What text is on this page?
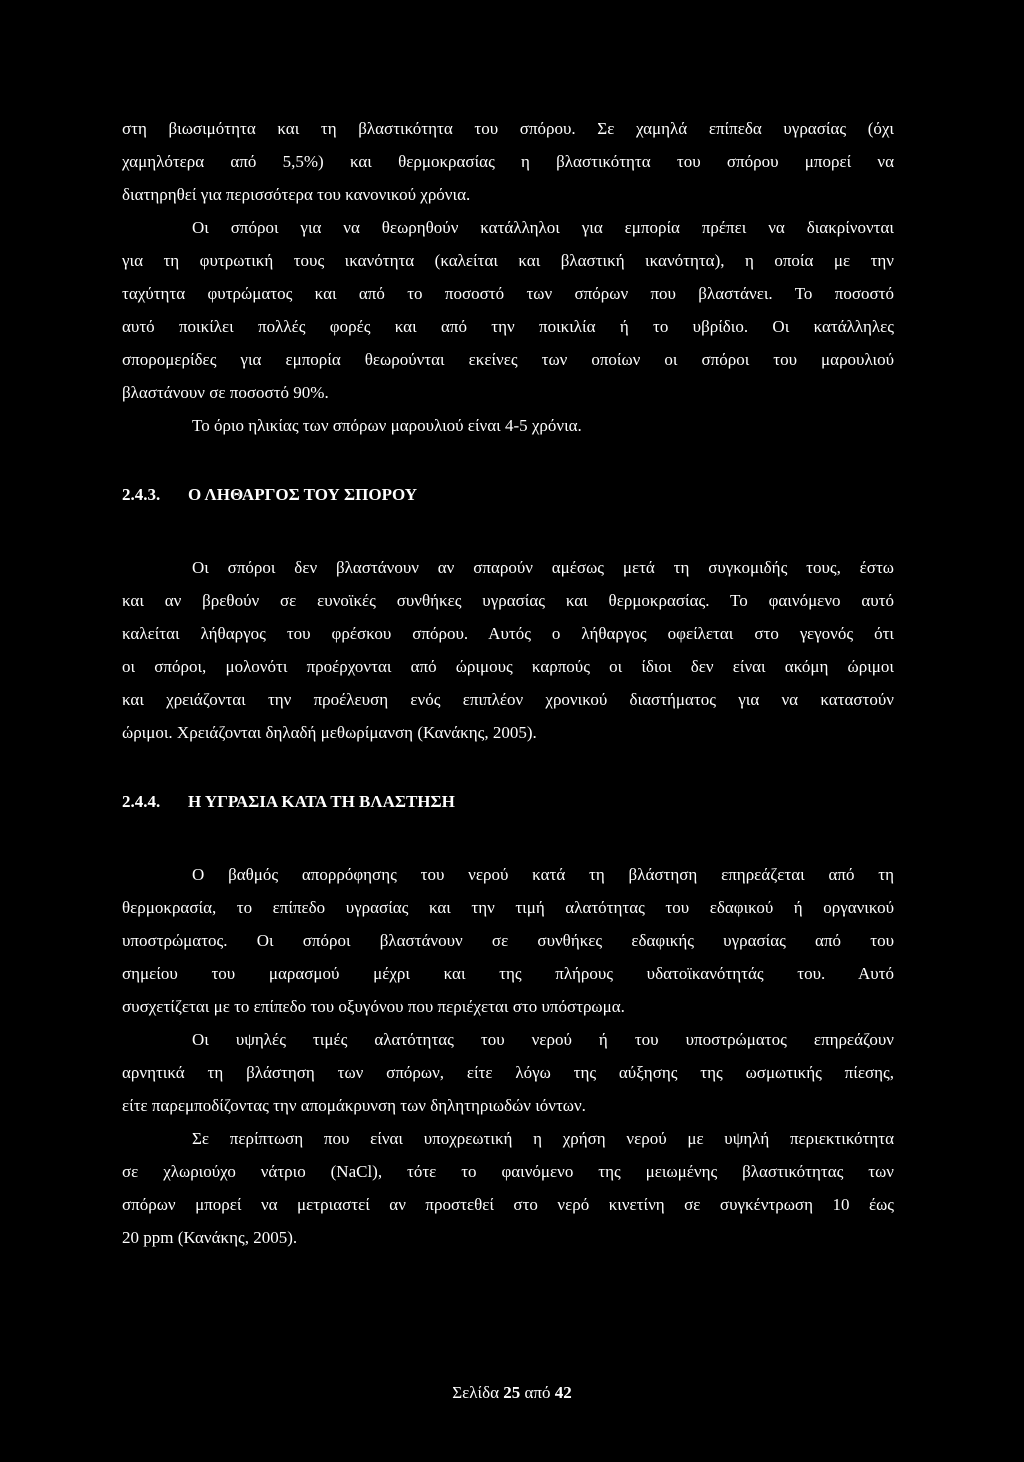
στη βιωσιμότητα και τη βλαστικότητα του σπόρου. Σε χαμηλά επίπεδα υγρασίας (όχι
χαμηλότερα από 5,5%) και θερμοκρασίας η βλαστικότητα του σπόρου μπορεί να
διατηρηθεί για περισσότερα του κανονικού χρόνια.
Οι σπόροι για να θεωρηθούν κατάλληλοι για εμπορία πρέπει να διακρίνονται
για τη φυτρωτική τους ικανότητα (καλείται και βλαστική ικανότητα), η οποία με την
ταχύτητα φυτρώματος και από το ποσοστό των σπόρων που βλαστάνει. Το ποσοστό
αυτό ποικίλει πολλές φορές και από την ποικιλία ή το υβρίδιο. Οι κατάλληλες
σπορομερίδες για εμπορία θεωρούνται εκείνες των οποίων οι σπόροι του μαρουλιού
βλαστάνουν σε ποσοστό 90%.
Το όριο ηλικίας των σπόρων μαρουλιού είναι 4-5 χρόνια.
2.4.3. Ο ΛΗΘΑΡΓΟΣ ΤΟΥ ΣΠΟΡΟΥ
Οι σπόροι δεν βλαστάνουν αν σπαρούν αμέσως μετά τη συγκομιδής τους, έστω
και αν βρεθούν σε ευνοϊκές συνθήκες υγρασίας και θερμοκρασίας. Το φαινόμενο αυτό
καλείται λήθαργος του φρέσκου σπόρου. Αυτός ο λήθαργος οφείλεται στο γεγονός ότι
οι σπόροι, μολονότι προέρχονται από ώριμους καρπούς οι ίδιοι δεν είναι ακόμη ώριμοι
και χρειάζονται την προέλευση ενός επιπλέον χρονικού διαστήματος για να καταστούν
ώριμοι. Χρειάζονται δηλαδή μεθωρίμανση (Κανάκης, 2005).
2.4.4. Η ΥΓΡΑΣΙΑ ΚΑΤΑ ΤΗ ΒΛΑΣΤΗΣΗ
Ο βαθμός απορρόφησης του νερού κατά τη βλάστηση επηρεάζεται από τη
θερμοκρασία, το επίπεδο υγρασίας και την τιμή αλατότητας του εδαφικού ή οργανικού
υποστρώματος. Οι σπόροι βλαστάνουν σε συνθήκες εδαφικής υγρασίας από του
σημείου του μαρασμού μέχρι και της πλήρους υδατοϊκανότητάς του. Αυτό
συσχετίζεται με το επίπεδο του οξυγόνου που περιέχεται στο υπόστρωμα.
Οι υψηλές τιμές αλατότητας του νερού ή του υποστρώματος επηρεάζουν
αρνητικά τη βλάστηση των σπόρων, είτε λόγω της αύξησης της ωσμωτικής πίεσης,
είτε παρεμποδίζοντας την απομάκρυνση των δηλητηριωδών ιόντων.
Σε περίπτωση που είναι υποχρεωτική η χρήση νερού με υψηλή περιεκτικότητα
σε χλωριούχο νάτριο (NaCl), τότε το φαινόμενο της μειωμένης βλαστικότητας των
σπόρων μπορεί να μετριαστεί αν προστεθεί στο νερό κινετίνη σε συγκέντρωση 10 έως
20 ppm (Κανάκης, 2005).
Σελίδα 25 από 42
